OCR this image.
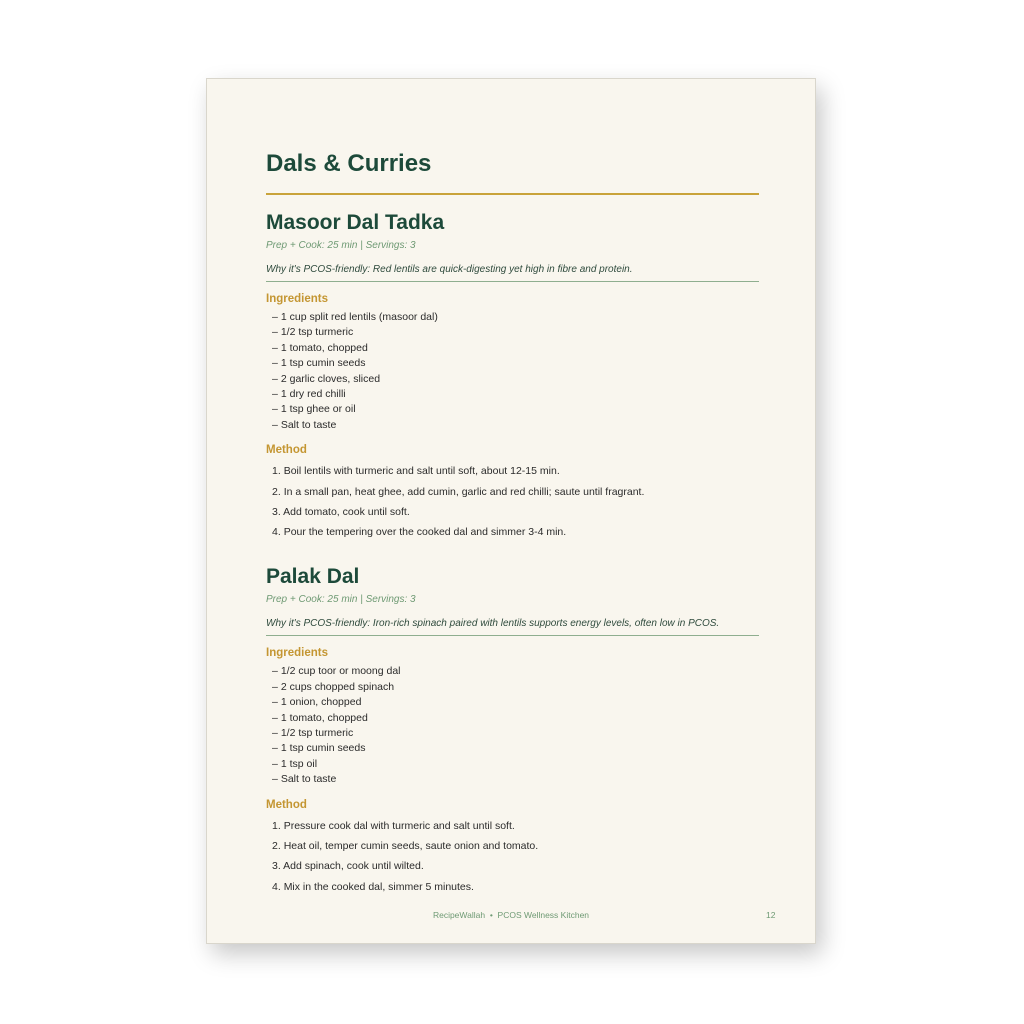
Dals & Curries
Masoor Dal Tadka
Prep + Cook: 25 min | Servings: 3
Why it's PCOS-friendly: Red lentils are quick-digesting yet high in fibre and protein.
Ingredients
– 1 cup split red lentils (masoor dal)
– 1/2 tsp turmeric
– 1 tomato, chopped
– 1 tsp cumin seeds
– 2 garlic cloves, sliced
– 1 dry red chilli
– 1 tsp ghee or oil
– Salt to taste
Method
1. Boil lentils with turmeric and salt until soft, about 12-15 min.
2. In a small pan, heat ghee, add cumin, garlic and red chilli; saute until fragrant.
3. Add tomato, cook until soft.
4. Pour the tempering over the cooked dal and simmer 3-4 min.
Palak Dal
Prep + Cook: 25 min | Servings: 3
Why it's PCOS-friendly: Iron-rich spinach paired with lentils supports energy levels, often low in PCOS.
Ingredients
– 1/2 cup toor or moong dal
– 2 cups chopped spinach
– 1 onion, chopped
– 1 tomato, chopped
– 1/2 tsp turmeric
– 1 tsp cumin seeds
– 1 tsp oil
– Salt to taste
Method
1. Pressure cook dal with turmeric and salt until soft.
2. Heat oil, temper cumin seeds, saute onion and tomato.
3. Add spinach, cook until wilted.
4. Mix in the cooked dal, simmer 5 minutes.
RecipeWallah • PCOS Wellness Kitchen	12
